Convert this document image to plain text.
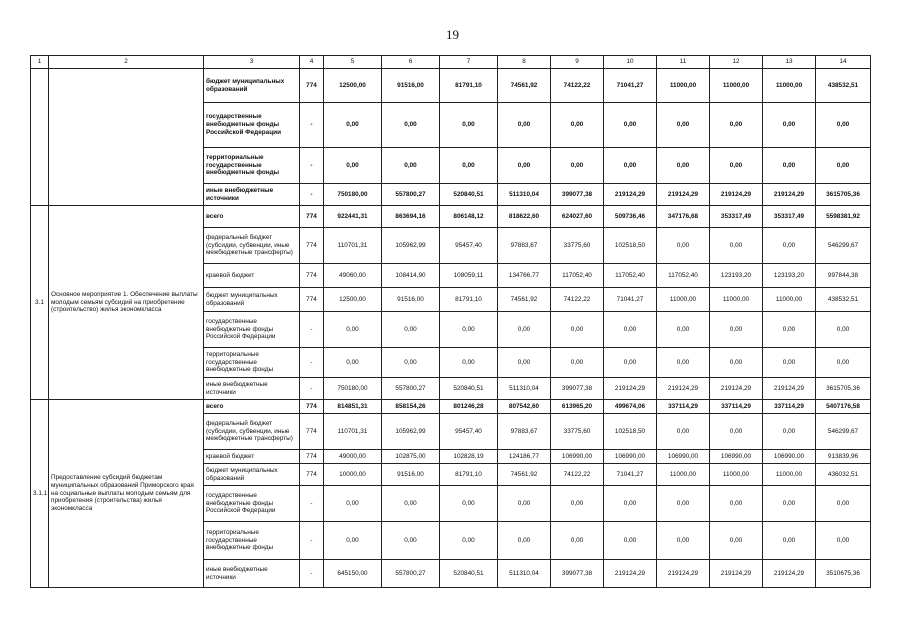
19
1	2	3	4	5	6	7	8	9	10	11	12	13	14
		бюджет муниципальных образований	774	12500,00	91516,00	81791,10	74561,92	74122,22	71041,27	11000,00	11000,00	11000,00	438532,51
		государственные внебюджетные фонды Российской Федерации	-	0,00	0,00	0,00	0,00	0,00	0,00	0,00	0,00	0,00	0,00
		территориальные государственные внебюджетные фонды	-	0,00	0,00	0,00	0,00	0,00	0,00	0,00	0,00	0,00	0,00
		иные внебюджетные источники	-	750180,00	557800,27	520840,51	511310,04	399077,38	219124,29	219124,29	219124,29	219124,29	3615705,36
3.1	Основное мероприятие 1. Обеспечение выплаты молодым семьям субсидий на приобретение (строительство) жилья экономкласса	всего	774	922441,31	863694,16	806148,12	818622,60	624027,60	509736,46	347176,68	353317,49	353317,49	5598381,92
		федеральный бюджет (субсидии, субвенции, иные межбюджетные трансферты)	774	110701,31	105962,99	95457,40	97883,67	33775,60	102518,50	0,00	0,00	0,00	546299,67
		краевой бюджет	774	49060,00	108414,90	108059,11	134766,77	117052,40	117052,40	117052,40	123193,20	123193,20	997844,38
		бюджет муниципальных образований	774	12500,00	91516,00	81791,10	74561,92	74122,22	71041,27	11000,00	11000,00	11000,00	438532,51
		государственные внебюджетные фонды Российской Федерации	-	0,00	0,00	0,00	0,00	0,00	0,00	0,00	0,00	0,00	0,00
		территориальные государственные внебюджетные фонды	-	0,00	0,00	0,00	0,00	0,00	0,00	0,00	0,00	0,00	0,00
		иные внебюджетные источники	-	750180,00	557800,27	520840,51	511310,04	399077,38	219124,29	219124,29	219124,29	219124,29	3615705,36
3.1.1	Предоставление субсидий бюджетам муниципальных образований Приморского края на социальные выплаты молодым семьям для приобретения (строительства) жилья экономкласса	всего	774	814851,31	858154,26	801246,28	807542,60	613965,20	499674,06	337114,29	337114,29	337114,29	5407176,58
		федеральный бюджет (субсидии, субвенции, иные межбюджетные трансферты)	774	110701,31	105962,99	95457,40	97883,67	33775,60	102518,50	0,00	0,00	0,00	546299,67
		краевой бюджет	774	49000,00	102875,00	102828,19	124186,77	106990,00	106990,00	106990,00	106990,00	106990,00	913839,96
		бюджет муниципальных образований	774	10000,00	91516,00	81791,10	74561,92	74122,22	71041,27	11000,00	11000,00	11000,00	436032,51
		государственные внебюджетные фонды Российской Федерации	-	0,00	0,00	0,00	0,00	0,00	0,00	0,00	0,00	0,00	0,00
		территориальные государственные внебюджетные фонды	-	0,00	0,00	0,00	0,00	0,00	0,00	0,00	0,00	0,00	0,00
		иные внебюджетные источники	-	645150,00	557800,27	520840,51	511310,04	399077,38	219124,29	219124,29	219124,29	219124,29	3510675,36
